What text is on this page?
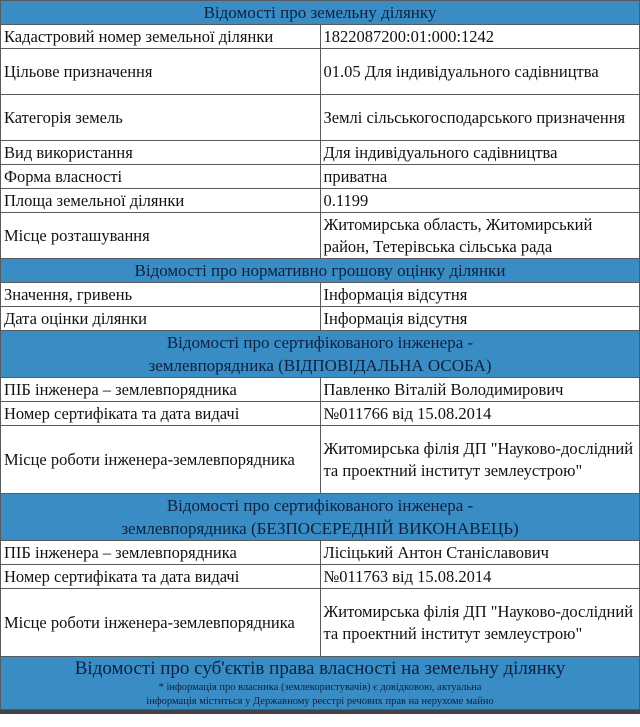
Відомості про земельну ділянку	
Кадастровий номер земельної ділянки	1822087200:01:000:1242
Цільове призначення	01.05 Для індивідуального садівництва
Категорія земель	Землі сільськогосподарського призначення
Вид використання	Для індивідуального садівництва
Форма власності	приватна
Площа земельної ділянки	0.1199
Місце розташування	Житомирська область, Житомирський район, Тетерівська сільська рада
Відомості про нормативно грошову оцінку ділянки	
Значення, гривень	Інформація відсутня
Дата оцінки ділянки	Інформація відсутня

Відомості про сертифікованого інженера -
землевпорядника (ВІДПОВІДАЛЬНА ОСОБА)	

ПІБ інженера – землевпорядника	Павленко Віталій Володимирович
Номер сертифіката та дата видачі	№011766 від 15.08.2014
Місце роботи інженера-землевпорядника	Житомирська філія ДП "Науково-дослідний та проектний інститут землеустрою"

Відомості про сертифікованого інженера -
землевпорядника (БЕЗПОСЕРЕДНІЙ ВИКОНАВЕЦЬ)	

ПІБ інженера – землевпорядника	Лісіцький Антон Станіславович
Номер сертифіката та дата видачі	№011763 від 15.08.2014
Місце роботи інженера-землевпорядника	Житомирська філія ДП "Науково-дослідний та проектний інститут землеустрою"

Відомості про суб'єктів права власності на земельну ділянку
* інформація про власника (землекористувачів) є довідковою, актуальна
інформація міститься у Державному реєстрі речових прав на нерухоме майно	
